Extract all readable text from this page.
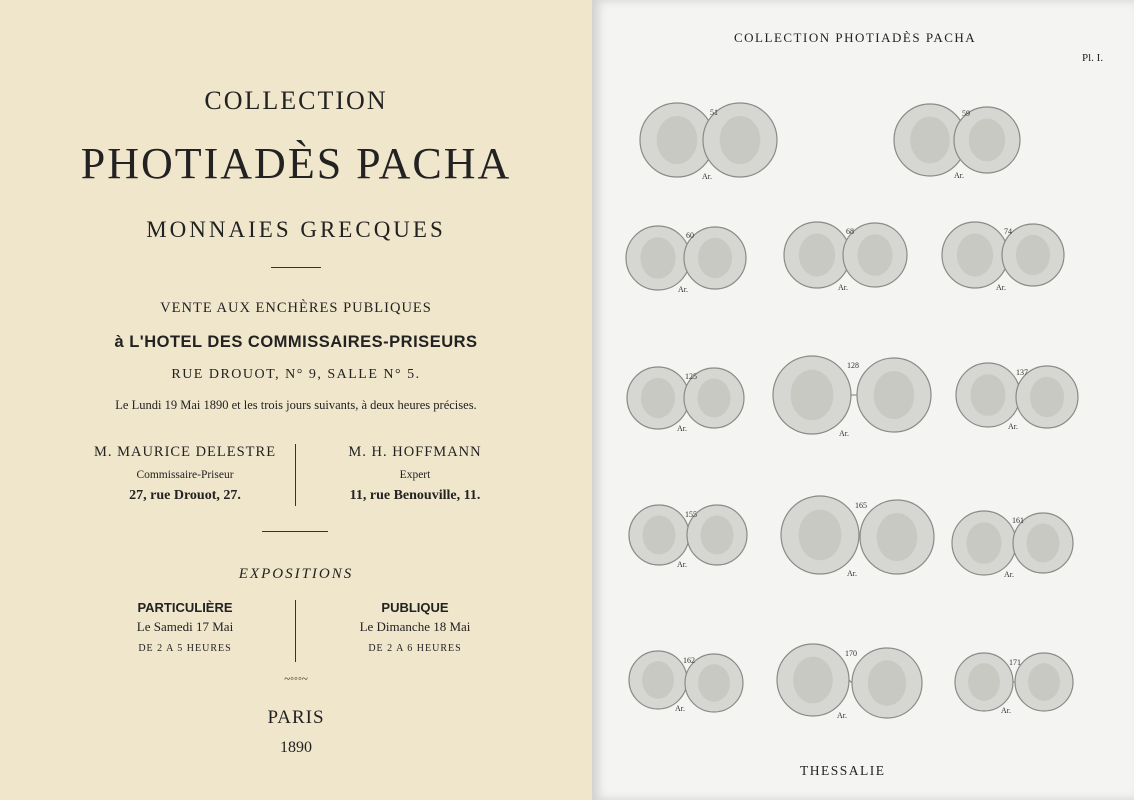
COLLECTION
PHOTIADÈS PACHA
MONNAIES GRECQUES
VENTE AUX ENCHÈRES PUBLIQUES
à L'HOTEL DES COMMISSAIRES-PRISEURS
RUE DROUOT, N° 9, SALLE N° 5.
Le Lundi 19 Mai 1890 et les trois jours suivants, à deux heures précises.
M. MAURICE DELESTRE
Commissaire-Priseur
27, rue Drouot, 27.
M. H. HOFFMANN
Expert
11, rue Benouville, 11.
EXPOSITIONS
PARTICULIÈRE
Le Samedi 17 Mai
DE 2 A 5 HEURES
PUBLIQUE
Le Dimanche 18 Mai
DE 2 A 6 HEURES
~◦◦◦~
PARIS
1890
COLLECTION PHOTIADÈS PACHA
Pl. I.
51
Ar.
59
Ar.
60
Ar.
68
Ar.
74
Ar.
125
Ar.
128
Ar.
137
Ar.
155
Ar.
165
Ar.
161
Ar.
162
Ar.
170
Ar.
171
Ar.
THESSALIE
